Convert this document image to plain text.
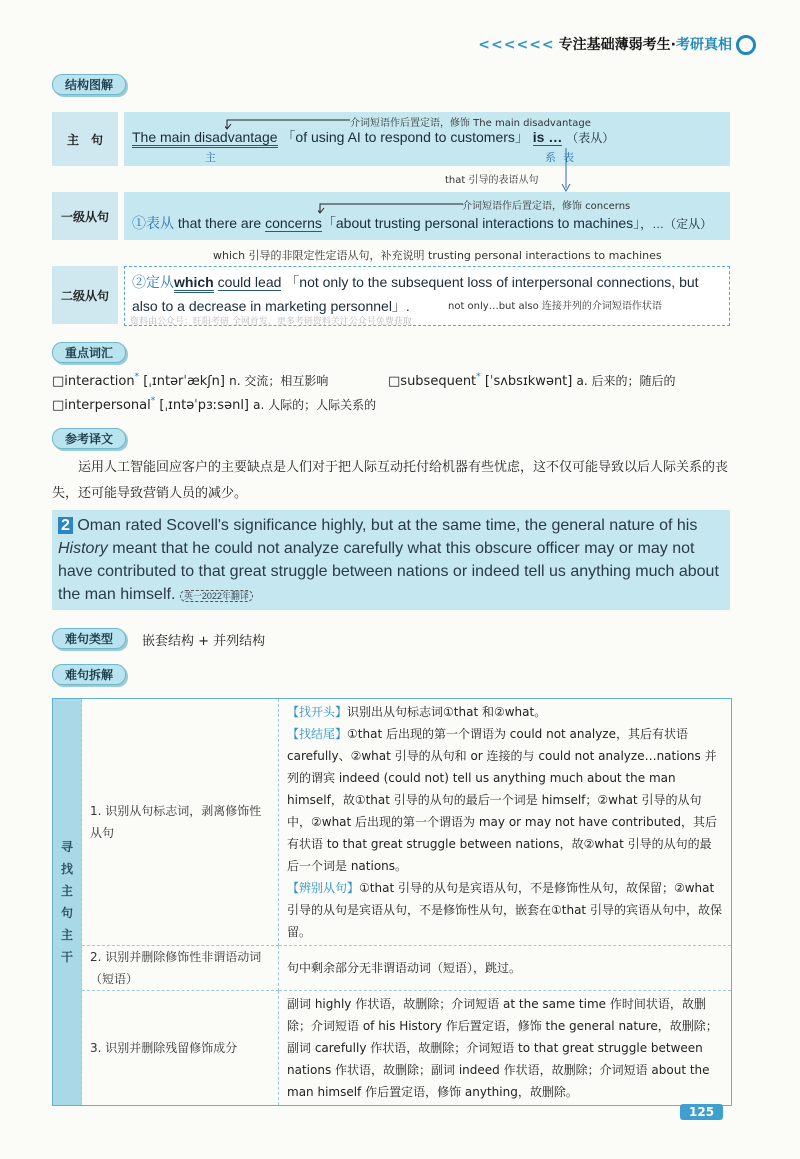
<<<<<< 专注基础薄弱考生·考研真相
结构图解
主　句
介词短语作后置定语，修饰 The main disadvantage
The main disadvantage 「of using AI to respond to customers」 is … （表从）
主	系 表
that 引导的表语从句
一级从句
介词短语作后置定语，修饰 concerns
①表从 that there are concerns「about trusting personal interactions to machines」，…（定从）
which 引导的非限定性定语从句，补充说明 trusting personal interactions to machines
二级从句
②定从which could lead 「not only to the subsequent loss of interpersonal connections, but
also to a decrease in marketing personnel」.	not only…but also 连接并列的介词短语作状语
资料由公众号：旺阳考研 全网首发，更多考研资料关注公众号免费获取
重点词汇
□interaction* [ˌɪntərˈækʃn] n. 交流；相互影响	□subsequent* [ˈsʌbsɪkwənt] a. 后来的；随后的
□interpersonal* [ˌɪntəˈpɜːsənl] a. 人际的；人际关系的
参考译文
运用人工智能回应客户的主要缺点是人们对于把人际互动托付给机器有些忧虑，这不仅可能导致以后人际关系的丧失，还可能导致营销人员的减少。
2 Oman rated Scovell's significance highly, but at the same time, the general nature of his History meant that he could not analyze carefully what this obscure officer may or may not have contributed to that great struggle between nations or indeed tell us anything much about the man himself. 英一2022年翻译
难句类型	嵌套结构 + 并列结构
难句拆解
寻找主句主干	1. 识别从句标志词，剥离修饰性从句	【找开头】识别出从句标志词①that 和②what。
【找结尾】①that 后出现的第一个谓语为 could not analyze，其后有状语 carefully、②what 引导的从句和 or 连接的与 could not analyze…nations 并列的谓宾 indeed (could not) tell us anything much about the man himself，故①that 引导的从句的最后一个词是 himself；②what 引导的从句中，②what 后出现的第一个谓语为 may or may not have contributed，其后有状语 to that great struggle between nations，故②what 引导的从句的最后一个词是 nations。
【辨别从句】①that 引导的从句是宾语从句，不是修饰性从句，故保留；②what 引导的从句是宾语从句，不是修饰性从句，嵌套在①that 引导的宾语从句中，故保留。
	2. 识别并删除修饰性非谓语动词（短语）	句中剩余部分无非谓语动词（短语），跳过。
	3. 识别并删除残留修饰成分	副词 highly 作状语，故删除；介词短语 at the same time 作时间状语，故删除；介词短语 of his History 作后置定语，修饰 the general nature，故删除；副词 carefully 作状语，故删除；介词短语 to that great struggle between nations 作状语，故删除；副词 indeed 作状语，故删除；介词短语 about the man himself 作后置定语，修饰 anything，故删除。
125
